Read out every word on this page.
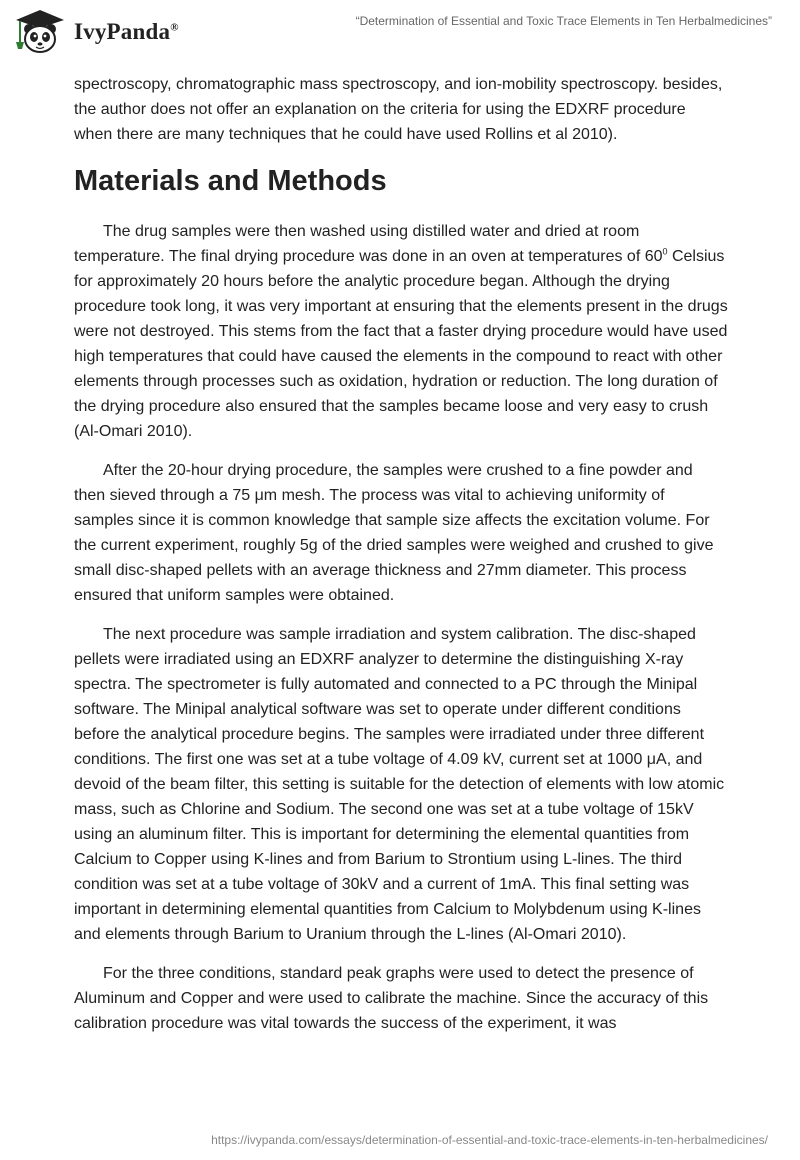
IvyPanda®	“Determination of Essential and Toxic Trace Elements in Ten Herbalmedicines”

spectroscopy, chromatographic mass spectroscopy, and ion-mobility spectroscopy. besides, the author does not offer an explanation on the criteria for using the EDXRF procedure when there are many techniques that he could have used Rollins et al 2010).

Materials and Methods

The drug samples were then washed using distilled water and dried at room temperature. The final drying procedure was done in an oven at temperatures of $60^0$ Celsius for approximately 20 hours before the analytic procedure began. Although the drying procedure took long, it was very important at ensuring that the elements present in the drugs were not destroyed. This stems from the fact that a faster drying procedure would have used high temperatures that could have caused the elements in the compound to react with other elements through processes such as oxidation, hydration or reduction. The long duration of the drying procedure also ensured that the samples became loose and very easy to crush (Al-Omari 2010).

After the 20-hour drying procedure, the samples were crushed to a fine powder and then sieved through a 75 μm mesh. The process was vital to achieving uniformity of samples since it is common knowledge that sample size affects the excitation volume. For the current experiment, roughly 5g of the dried samples were weighed and crushed to give small disc-shaped pellets with an average thickness and 27mm diameter. This process ensured that uniform samples were obtained.

The next procedure was sample irradiation and system calibration. The disc-shaped pellets were irradiated using an EDXRF analyzer to determine the distinguishing X-ray spectra. The spectrometer is fully automated and connected to a PC through the Minipal software. The Minipal analytical software was set to operate under different conditions before the analytical procedure begins. The samples were irradiated under three different conditions. The first one was set at a tube voltage of 4.09 kV, current set at 1000 μA, and devoid of the beam filter, this setting is suitable for the detection of elements with low atomic mass, such as Chlorine and Sodium. The second one was set at a tube voltage of 15kV using an aluminum filter. This is important for determining the elemental quantities from Calcium to Copper using K-lines and from Barium to Strontium using L-lines. The third condition was set at a tube voltage of 30kV and a current of 1mA. This final setting was important in determining elemental quantities from Calcium to Molybdenum using K-lines and elements through Barium to Uranium through the L-lines (Al-Omari 2010).

For the three conditions, standard peak graphs were used to detect the presence of Aluminum and Copper and were used to calibrate the machine. Since the accuracy of this calibration procedure was vital towards the success of the experiment, it was

https://ivypanda.com/essays/determination-of-essential-and-toxic-trace-elements-in-ten-herbalmedicines/
